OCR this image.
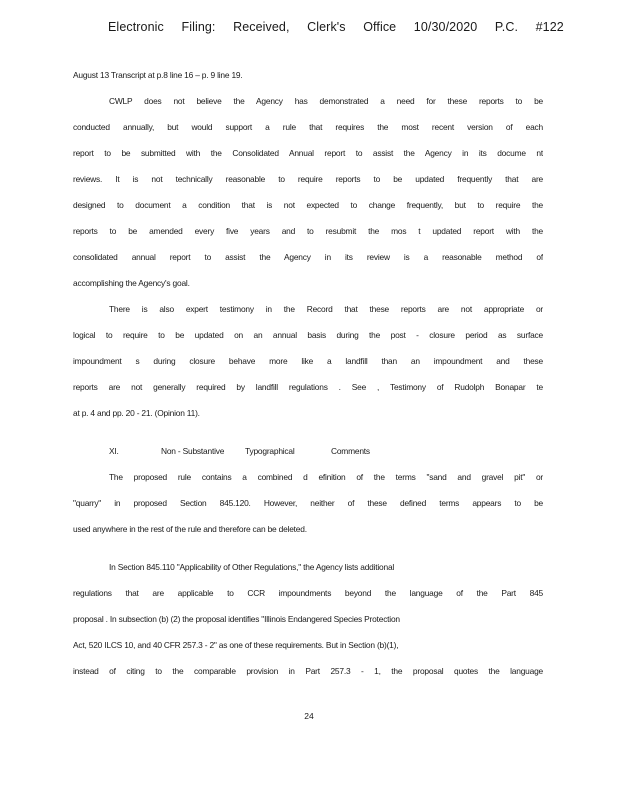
Electronic Filing: Received, Clerk's Office 10/30/2020 P.C. #122
August 13 Transcript at p.8 line 16 – p. 9 line 19.
CWLP does not believe the Agency has demonstrated a need for these reports to be
conducted annually, but would support a rule that requires the most recent version of each
report to be submitted with the Consolidated Annual report to assist the Agency in its docume nt
reviews. It is not technically reasonable to require reports to be updated frequently that are
designed to document a condition that is not expected to change frequently, but to require the
reports to be amended every five years and to resubmit the mos t updated report with the
consolidated annual report to assist the Agency in its review is a reasonable method of
accomplishing the Agency's goal.
There is also expert testimony in the Record that these reports are not appropriate or
logical to require to be updated on an annual basis during the post - closure period as surface
impoundment s during closure behave more like a landfill than an impoundment and these
reports are not generally required by landfill regulations . See , Testimony of Rudolph Bonapar te
at p. 4 and pp. 20 - 21. (Opinion 11).
XI.	Non - Substantive Typographical	Comments
The proposed rule contains a combined d efinition of the terms "sand and gravel pit" or
"quarry" in proposed Section 845.120. However, neither of these defined terms appears to be
used anywhere in the rest of the rule and therefore can be deleted.
In Section 845.110 "Applicability of Other Regulations," the Agency lists additional
regulations that are applicable to CCR impoundments beyond the language of the Part 845
proposal . In subsection (b) (2) the proposal identifies "Illinois Endangered Species Protection
Act, 520 ILCS 10, and 40 CFR 257.3 - 2" as one of these requirements. But in Section (b)(1),
instead of citing to the comparable provision in Part 257.3 - 1, the proposal quotes the language
24
